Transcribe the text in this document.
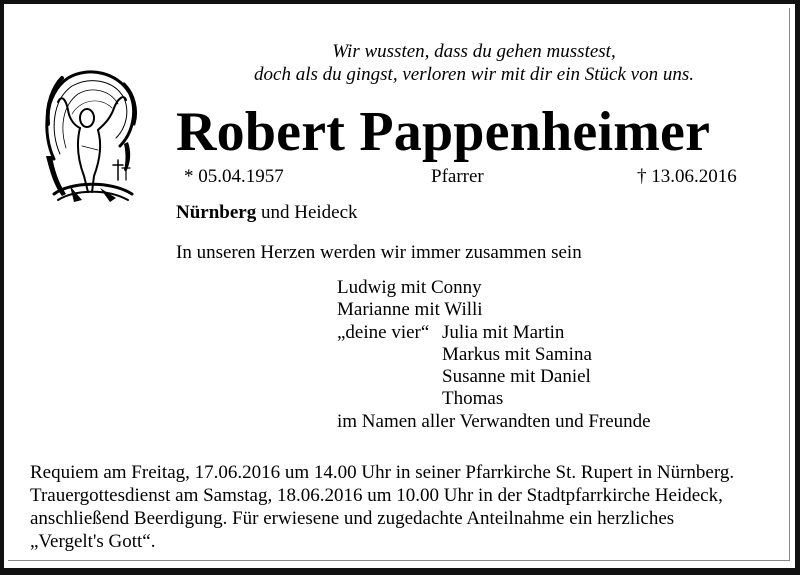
Wir wussten, dass du gehen musstest,
doch als du gingst, verloren wir mit dir ein Stück von uns.
Robert Pappenheimer
* 05.04.1957	Pfarrer	† 13.06.2016
Nürnberg und Heideck
In unseren Herzen werden wir immer zusammen sein
Ludwig mit Conny
Marianne mit Willi
„deine vier“ Julia mit Martin
Markus mit Samina
Susanne mit Daniel
Thomas
im Namen aller Verwandten und Freunde
Requiem am Freitag, 17.06.2016 um 14.00 Uhr in seiner Pfarrkirche St. Rupert in Nürnberg.
Trauergottesdienst am Samstag, 18.06.2016 um 10.00 Uhr in der Stadtpfarrkirche Heideck,
anschließend Beerdigung. Für erwiesene und zugedachte Anteilnahme ein herzliches
„Vergelt's Gott“.
